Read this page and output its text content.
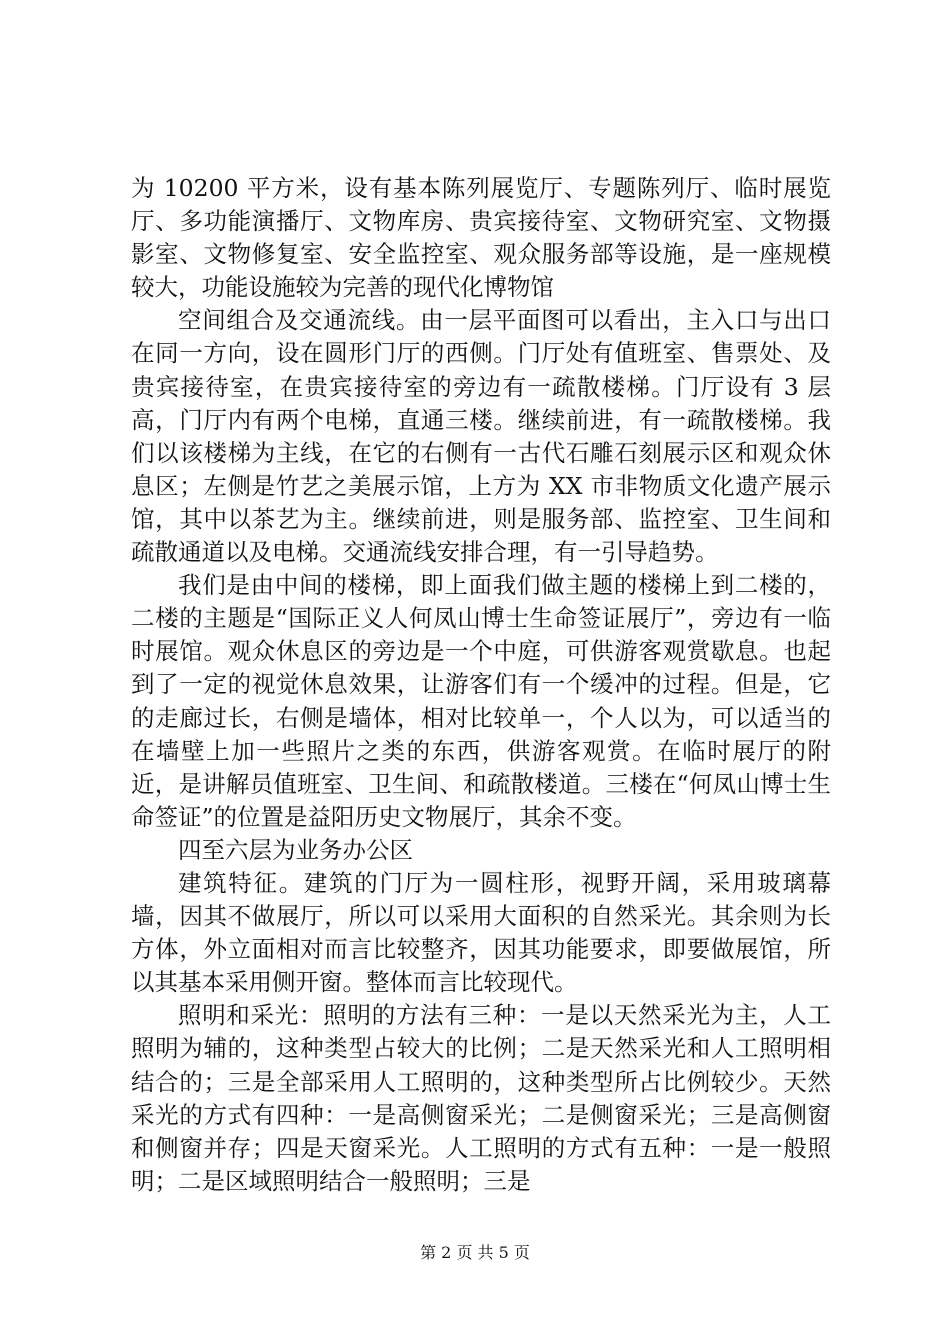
为 10200 平方米，设有基本陈列展览厅、专题陈列厅、临时展览厅、多功能演播厅、文物库房、贵宾接待室、文物研究室、文物摄影室、文物修复室、安全监控室、观众服务部等设施，是一座规模较大，功能设施较为完善的现代化博物馆

空间组合及交通流线。由一层平面图可以看出，主入口与出口在同一方向，设在圆形门厅的西侧。门厅处有值班室、售票处、及贵宾接待室，在贵宾接待室的旁边有一疏散楼梯。门厅设有 3 层高，门厅内有两个电梯，直通三楼。继续前进，有一疏散楼梯。我们以该楼梯为主线，在它的右侧有一古代石雕石刻展示区和观众休息区；左侧是竹艺之美展示馆，上方为 XX 市非物质文化遗产展示馆，其中以茶艺为主。继续前进，则是服务部、监控室、卫生间和疏散通道以及电梯。交通流线安排合理，有一引导趋势。

我们是由中间的楼梯，即上面我们做主题的楼梯上到二楼的，二楼的主题是“国际正义人何凤山博士生命签证展厅”，旁边有一临时展馆。观众休息区的旁边是一个中庭，可供游客观赏歇息。也起到了一定的视觉休息效果，让游客们有一个缓冲的过程。但是，它的走廊过长，右侧是墙体，相对比较单一，个人以为，可以适当的在墙壁上加一些照片之类的东西，供游客观赏。在临时展厅的附近，是讲解员值班室、卫生间、和疏散楼道。三楼在“何凤山博士生命签证”的位置是益阳历史文物展厅，其余不变。

四至六层为业务办公区

建筑特征。建筑的门厅为一圆柱形，视野开阔，采用玻璃幕墙，因其不做展厅，所以可以采用大面积的自然采光。其余则为长方体，外立面相对而言比较整齐，因其功能要求，即要做展馆，所以其基本采用侧开窗。整体而言比较现代。

照明和采光：照明的方法有三种：一是以天然采光为主，人工照明为辅的，这种类型占较大的比例；二是天然采光和人工照明相结合的；三是全部采用人工照明的，这种类型所占比例较少。天然采光的方式有四种：一是高侧窗采光；二是侧窗采光；三是高侧窗和侧窗并存；四是天窗采光。人工照明的方式有五种：一是一般照明；二是区域照明结合一般照明；三是

第 2 页 共 5 页
